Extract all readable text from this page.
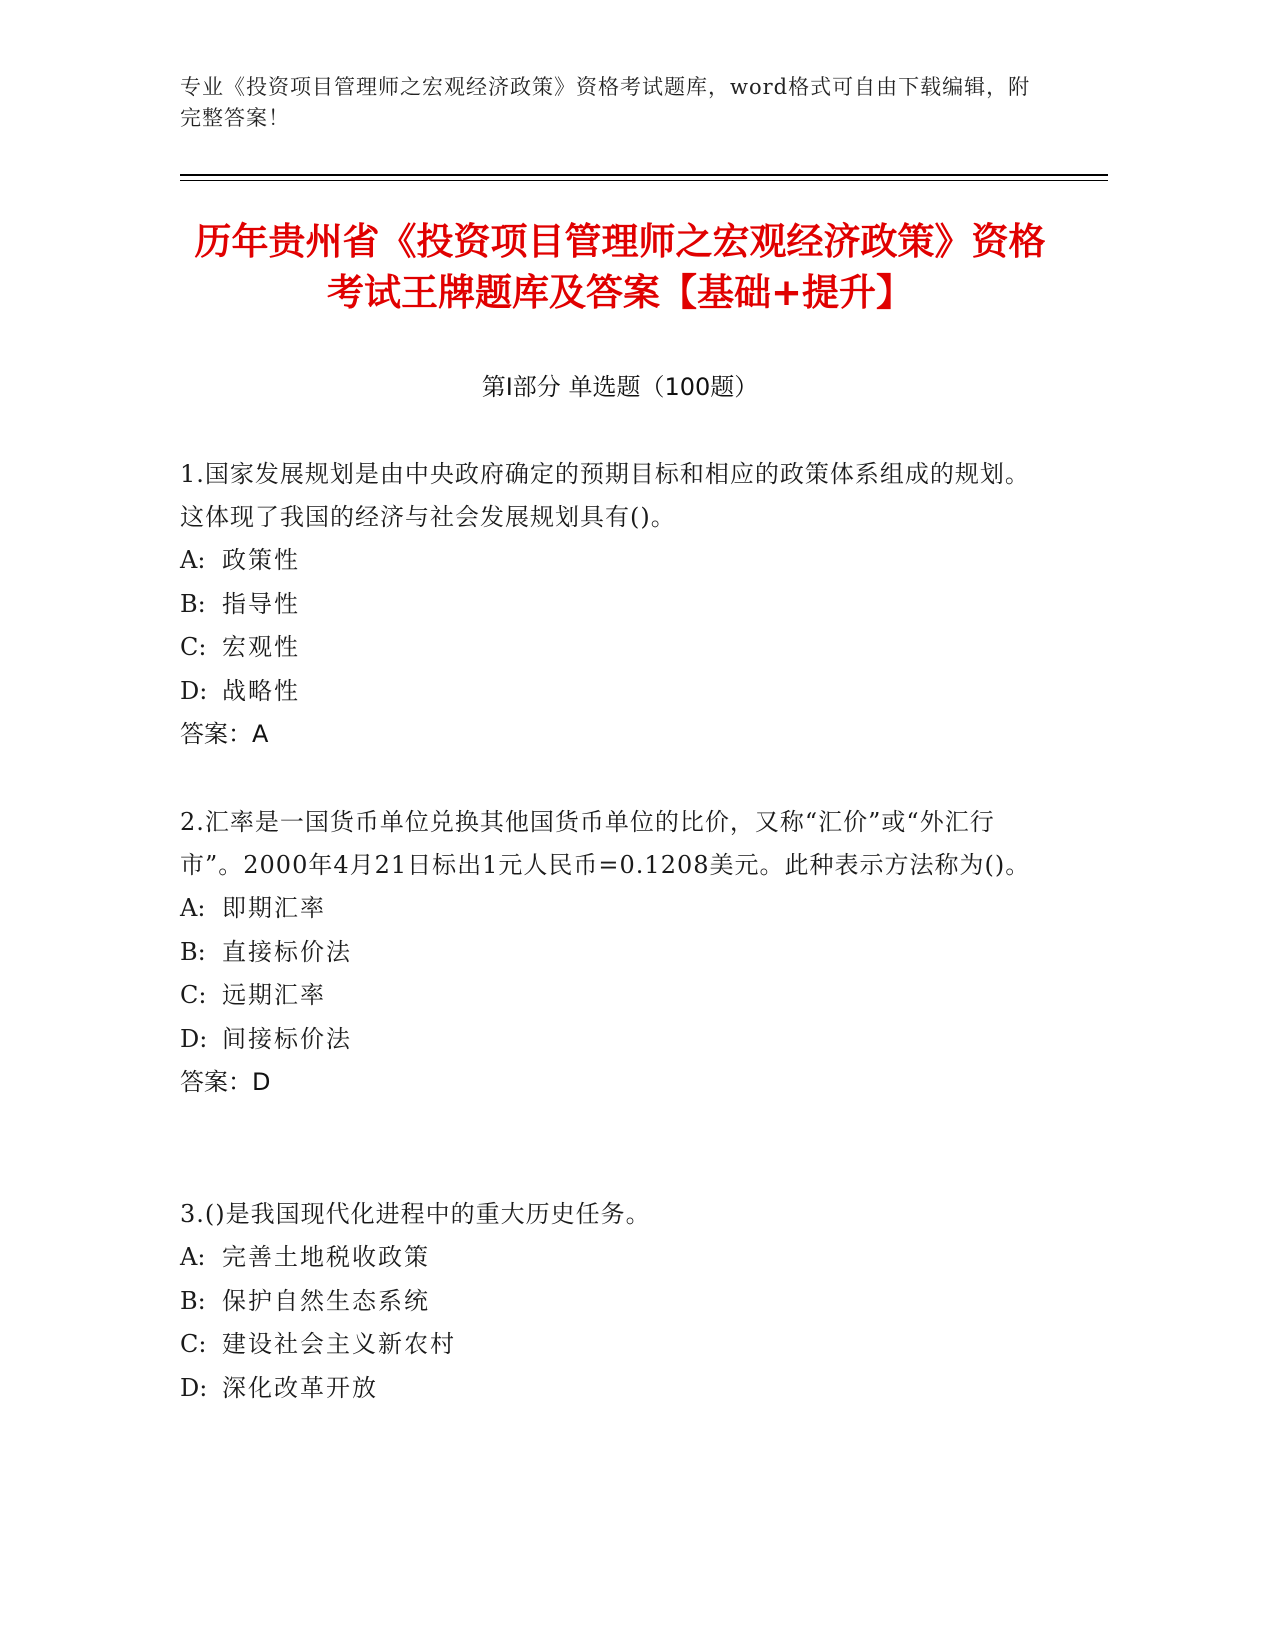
专业《投资项目管理师之宏观经济政策》资格考试题库，word格式可自由下载编辑，附完整答案！
历年贵州省《投资项目管理师之宏观经济政策》资格考试王牌题库及答案【基础+提升】
第Ⅰ部分 单选题（100题）

1.国家发展规划是由中央政府确定的预期目标和相应的政策体系组成的规划。这体现了我国的经济与社会发展规划具有()。

A: 政策性

B: 指导性

C: 宏观性

D: 战略性

答案：A

2.汇率是一国货币单位兑换其他国货币单位的比价，又称“汇价”或“外汇行市”。2000年4月21日标出1元人民币=0.1208美元。此种表示方法称为()。

A: 即期汇率

B: 直接标价法

C: 远期汇率

D: 间接标价法

答案：D

3.()是我国现代化进程中的重大历史任务。

A: 完善土地税收政策

B: 保护自然生态系统

C: 建设社会主义新农村

D: 深化改革开放
